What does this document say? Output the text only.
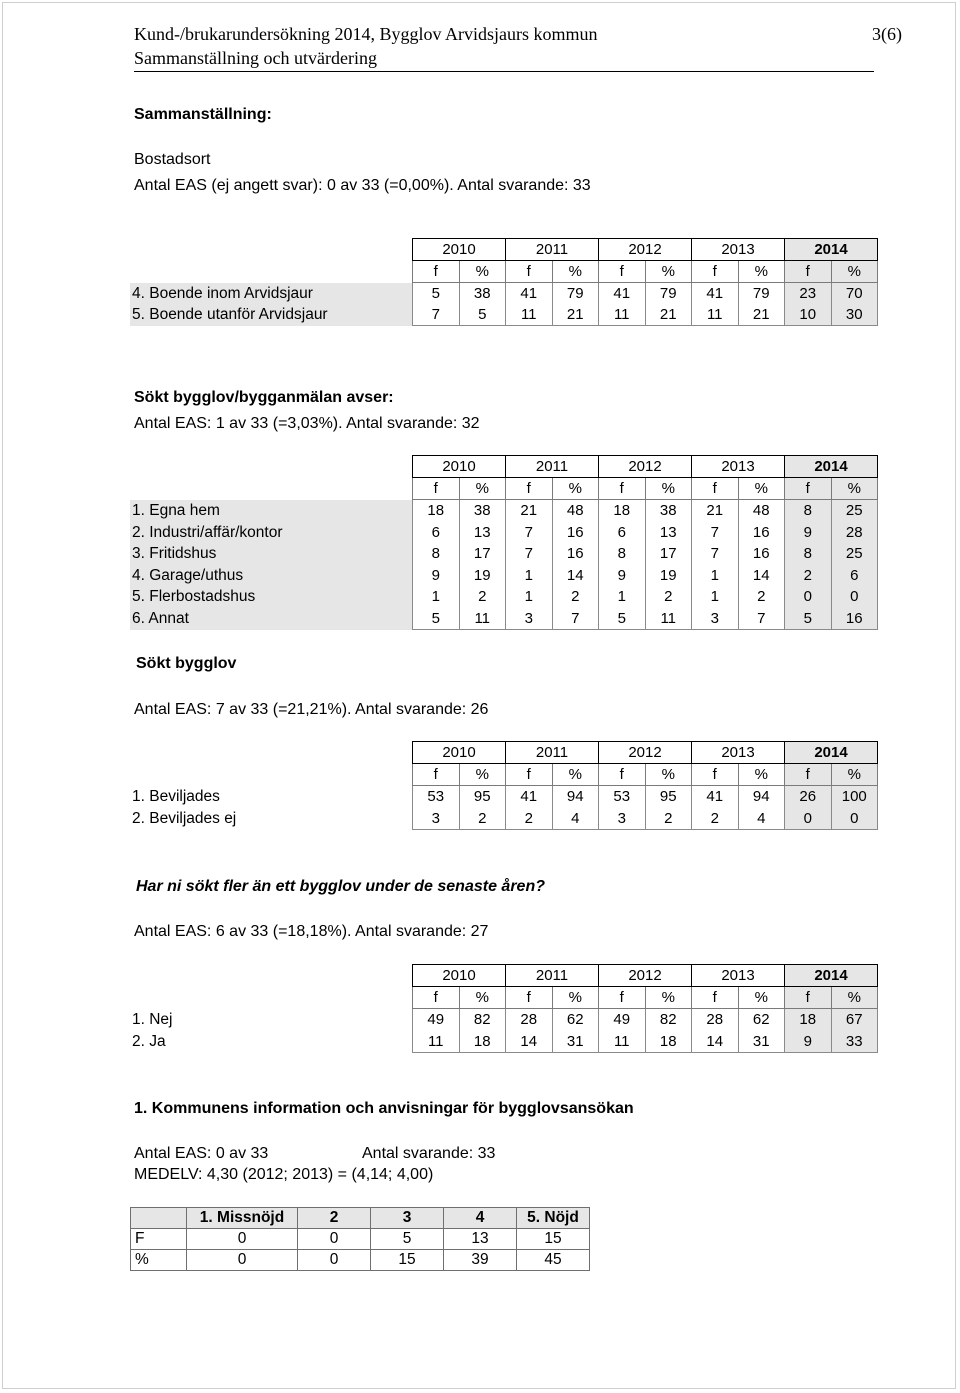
Kund-/brukarundersökning 2014, Bygglov Arvidsjaurs kommun
Sammanställning och utvärdering
3(6)
Sammanställning:
Bostadsort
Antal EAS (ej angett svar): 0 av 33 (=0,00%). Antal svarande: 33
	2010		2011		2012		2013		2014	
	f	%	f	%	f	%	f	%	f	%
4. Boende inom Arvidsjaur	5	38	41	79	41	79	41	79	23	70
5. Boende utanför Arvidsjaur	7	5	11	21	11	21	11	21	10	30
Sökt bygglov/bygganmälan avser:
Antal EAS: 1 av 33 (=3,03%). Antal svarande: 32
	2010		2011		2012		2013		2014	
	f	%	f	%	f	%	f	%	f	%
1. Egna hem	18	38	21	48	18	38	21	48	8	25
2. Industri/affär/kontor	6	13	7	16	6	13	7	16	9	28
3. Fritidshus	8	17	7	16	8	17	7	16	8	25
4. Garage/uthus	9	19	1	14	9	19	1	14	2	6
5. Flerbostadshus	1	2	1	2	1	2	1	2	0	0
6. Annat	5	11	3	7	5	11	3	7	5	16
Sökt bygglov
Antal EAS: 7 av 33 (=21,21%). Antal svarande: 26
	2010		2011		2012		2013		2014	
	f	%	f	%	f	%	f	%	f	%
1. Beviljades	53	95	41	94	53	95	41	94	26	100
2. Beviljades ej	3	2	2	4	3	2	2	4	0	0
Har ni sökt fler än ett bygglov under de senaste åren?
Antal EAS: 6 av 33 (=18,18%). Antal svarande: 27
	2010		2011		2012		2013		2014	
	f	%	f	%	f	%	f	%	f	%
1. Nej	49	82	28	62	49	82	28	62	18	67
2. Ja	11	18	14	31	11	18	14	31	9	33
1. Kommunens information och anvisningar för bygglovsansökan
Antal EAS: 0 av 33	Antal svarande: 33
MEDELV: 4,30 (2012; 2013) = (4,14; 4,00)
	1. Missnöjd	2	3	4	5. Nöjd
F	0	0	5	13	15
%	0	0	15	39	45
